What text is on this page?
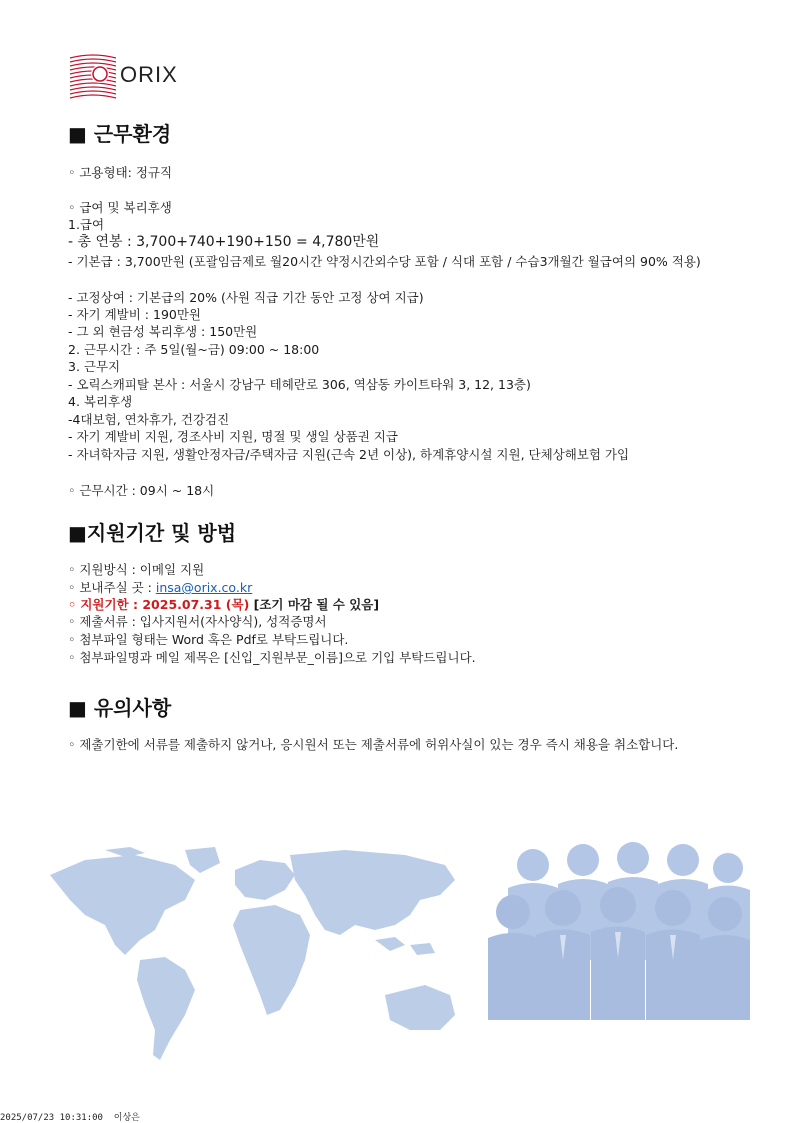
ORIX
■ 근무환경
◦ 고용형태: 정규직
◦ 급여 및 복리후생
1.급여
- 총 연봉 : 3,700+740+190+150 = 4,780만원
- 기본급 : 3,700만원 (포괄임금제로 월20시간 약정시간외수당 포함 / 식대 포함 / 수습3개월간 월급여의 90% 적용)
- 고정상여 : 기본급의 20% (사원 직급 기간 동안 고정 상여 지급)
- 자기 계발비 : 190만원
- 그 외 현금성 복리후생 : 150만원
2. 근무시간 : 주 5일(월~금) 09:00 ~ 18:00
3. 근무지
- 오릭스캐피탈 본사 : 서울시 강남구 테헤란로 306, 역삼동 카이트타워 3, 12, 13층)
4. 복리후생
-4대보험, 연차휴가, 건강검진
- 자기 계발비 지원, 경조사비 지원, 명절 및 생일 상품권 지급
- 자녀학자금 지원, 생활안정자금/주택자금 지원(근속 2년 이상), 하계휴양시설 지원, 단체상해보험 가입
◦ 근무시간 : 09시 ~ 18시
■지원기간 및 방법
◦ 지원방식 : 이메일 지원
◦ 보내주실 곳 : insa@orix.co.kr
◦ 지원기한 : 2025.07.31 (목) [조기 마감 될 수 있음]
◦ 제출서류 : 입사지원서(자사양식), 성적증명서
◦ 첨부파일 형태는 Word 혹은 Pdf로 부탁드립니다.
◦ 첨부파일명과 메일 제목은 [신입_지원부문_이름]으로 기입 부탁드립니다.
■ 유의사항
◦ 제출기한에 서류를 제출하지 않거나, 응시원서 또는 제출서류에 허위사실이 있는 경우 즉시 채용을 취소합니다.
2025/07/23 10:31:00 이상은
